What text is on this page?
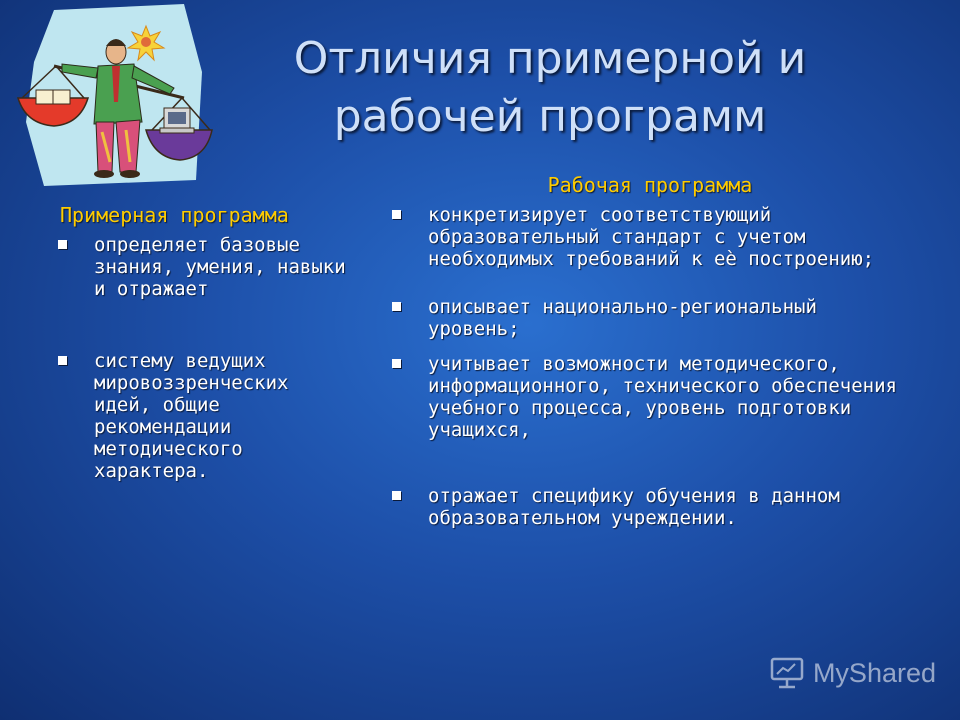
Отличия примерной и рабочей программ
Примерная программа
определяет базовые знания, умения, навыки и отражает
систему ведущих мировоззренческих идей, общие рекомендации методического характера.
Рабочая программа
конкретизирует соответствующий образовательный стандарт с учетом необходимых требований к еѐ построению;
описывает национально-региональный уровень;
учитывает возможности методического, информационного, технического обеспечения учебного процесса, уровень подготовки учащихся,
отражает специфику обучения в данном образовательном учреждении.
MyShared
